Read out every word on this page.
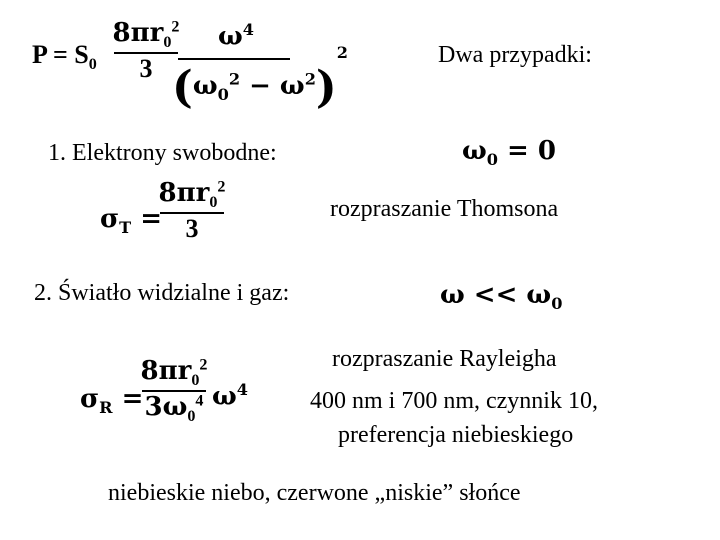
$P = S_0 \frac{8\pi r_0^2}{3} \omega^4$
$(\omega_0^2 - \omega^2)^2$	Dwa przypadki:
1. Elektrony swobodne:	$\omega_0 = 0$
$\sigma_T$ =
$\frac{8\pi r_0^2}{3}$	rozpraszanie Thomsona
2. Światło widzialne i gaz:	$\omega << \omega_0$
$\sigma_R$ =
$\frac{8\pi r_0^2}{3\omega_0^4} \omega^4$
rozpraszanie Rayleigha
400 nm i 700 nm, czynnik 10,
preferencja niebieskiego
niebieskie niebo, czerwone „niskie” słońce
